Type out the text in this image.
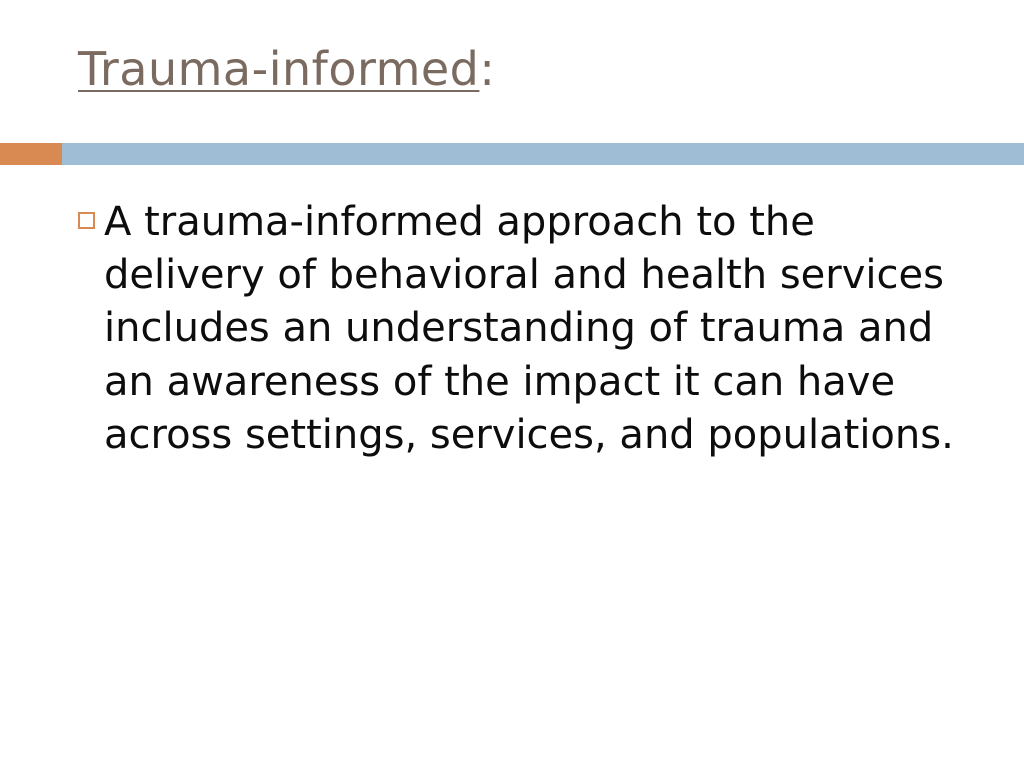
Trauma-informed:
A trauma-informed approach to the delivery of behavioral and health services includes an understanding of trauma and an awareness of the impact it can have across settings, services, and populations.
